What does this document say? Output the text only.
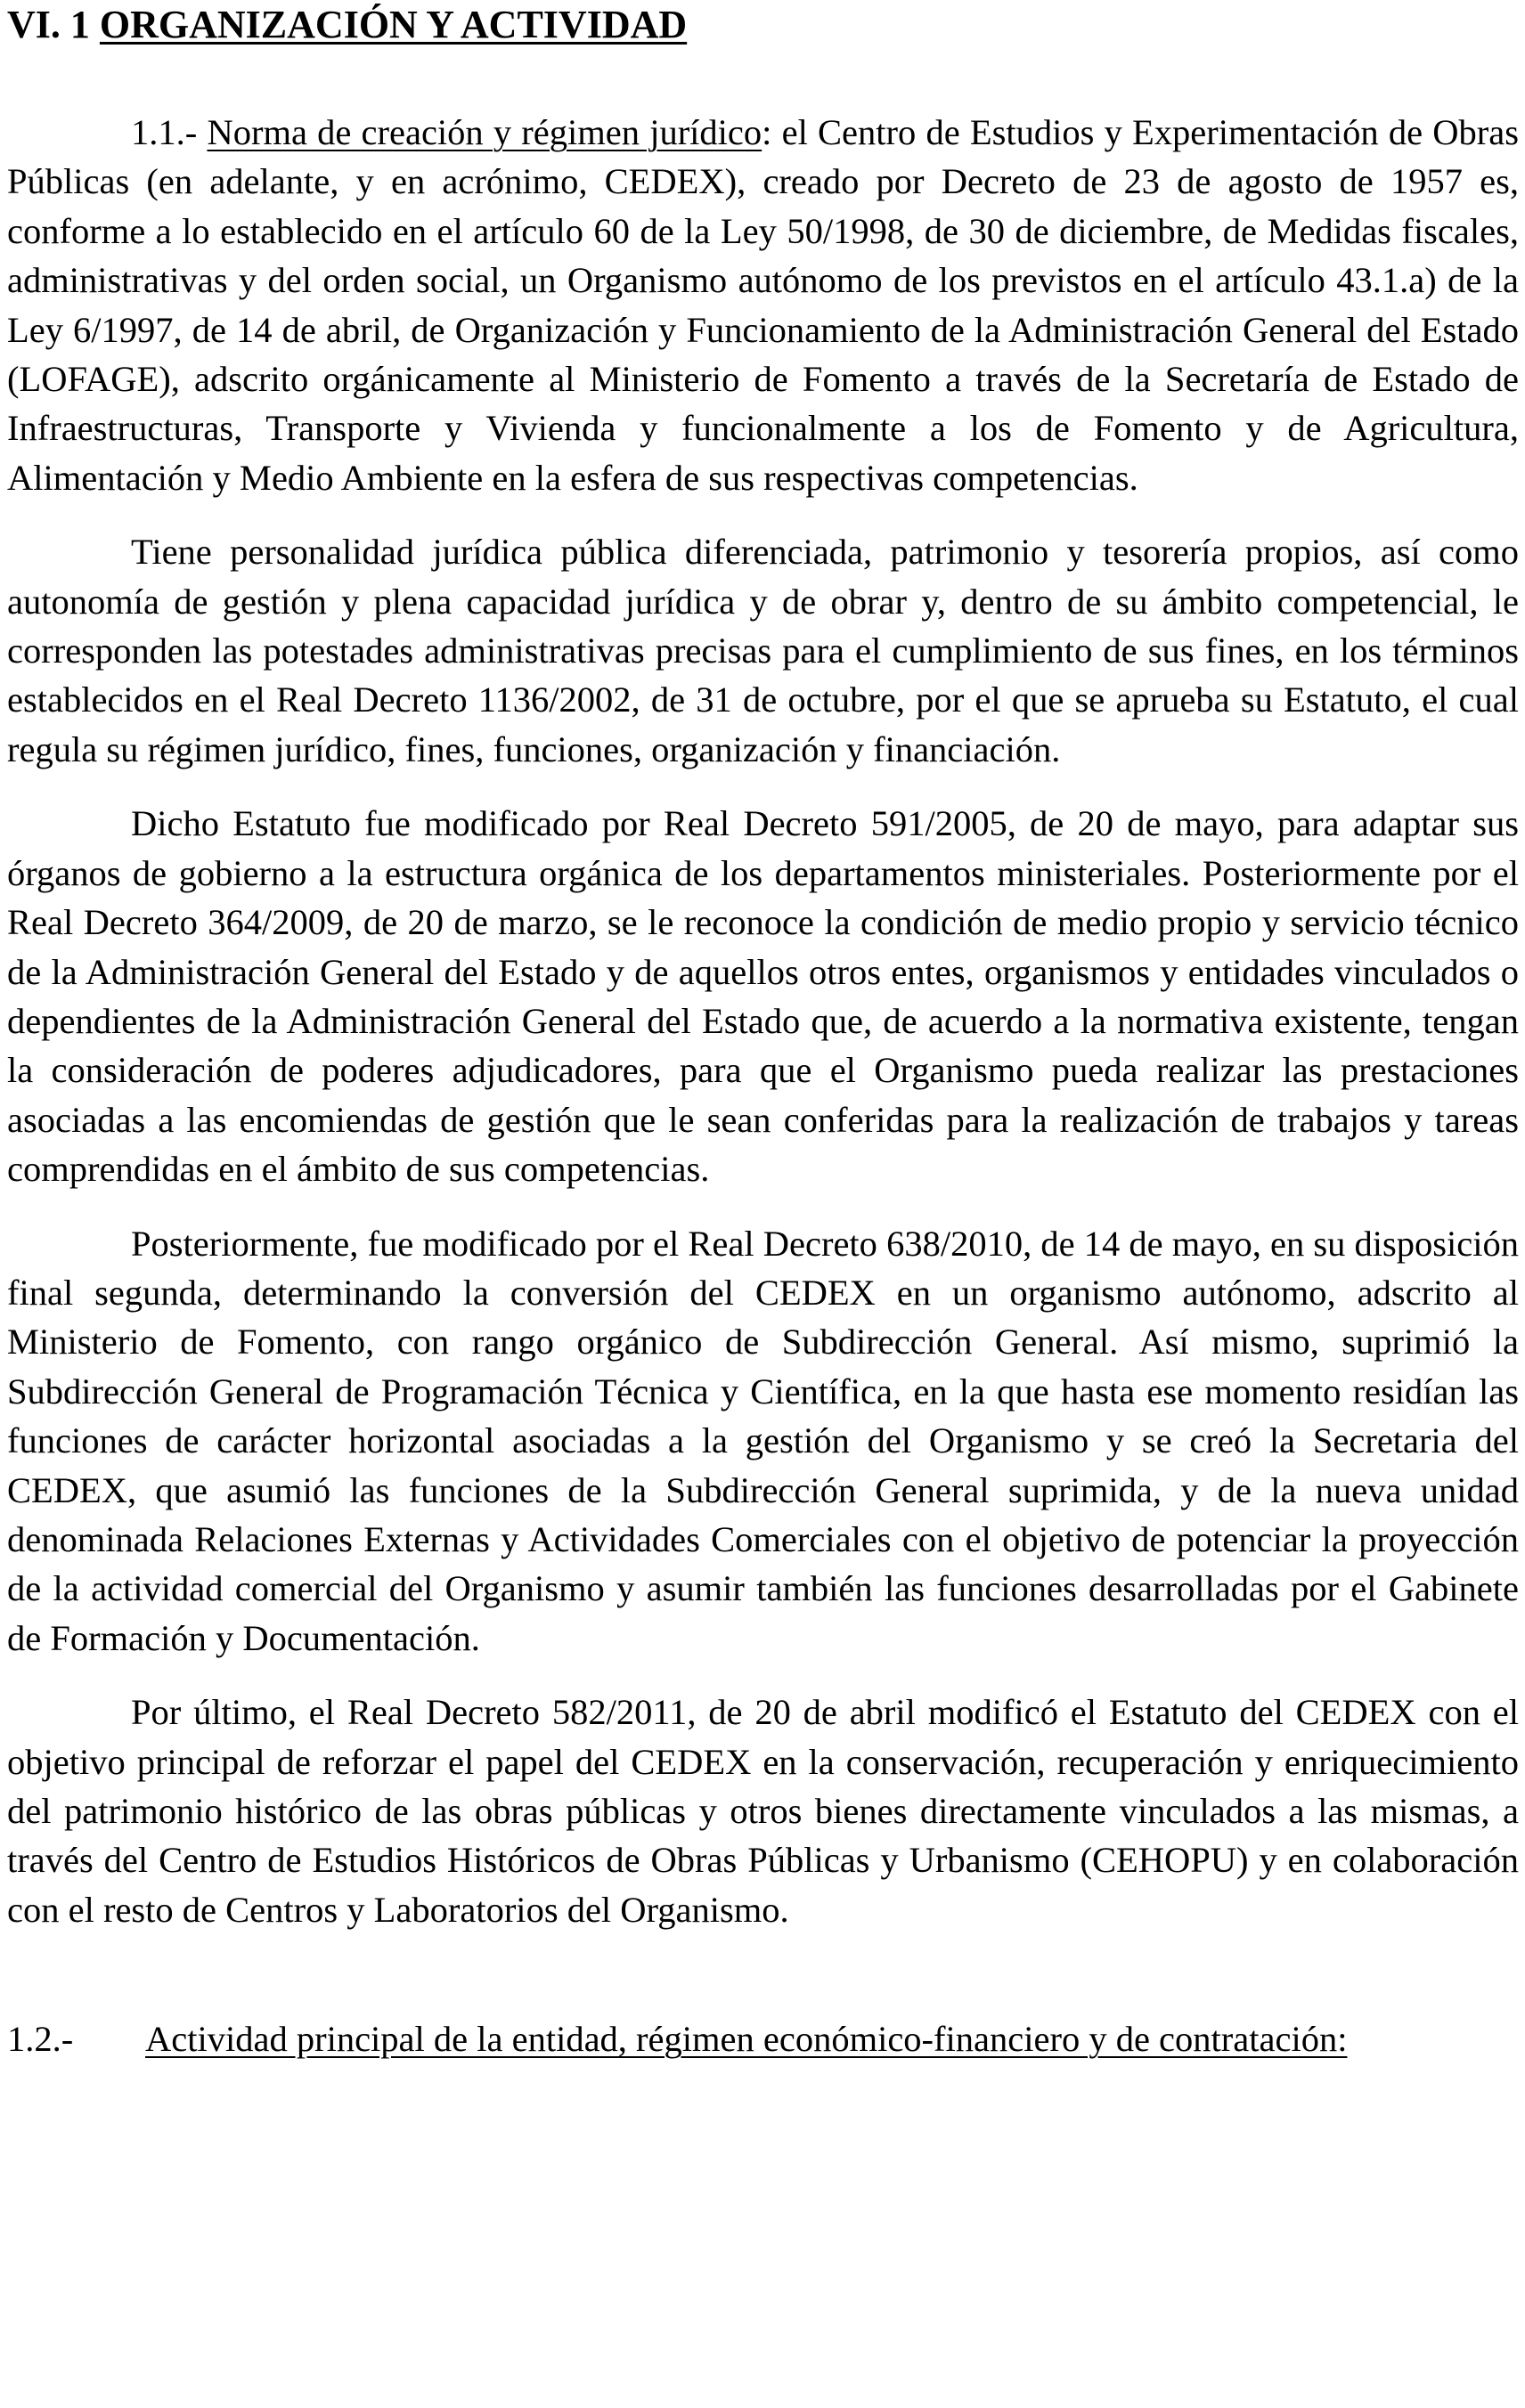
VI. 1 ORGANIZACIÓN Y ACTIVIDAD

1.1.- Norma de creación y régimen jurídico: el Centro de Estudios y Experimentación de Obras Públicas (en adelante, y en acrónimo, CEDEX), creado por Decreto de 23 de agosto de 1957 es, conforme a lo establecido en el artículo 60 de la Ley 50/1998, de 30 de diciembre, de Medidas fiscales, administrativas y del orden social, un Organismo autónomo de los previstos en el artículo 43.1.a) de la Ley 6/1997, de 14 de abril, de Organización y Funcionamiento de la Administración General del Estado (LOFAGE), adscrito orgánicamente al Ministerio de Fomento a través de la Secretaría de Estado de Infraestructuras, Transporte y Vivienda y funcionalmente a los de Fomento y de Agricultura, Alimentación y Medio Ambiente en la esfera de sus respectivas competencias.

Tiene personalidad jurídica pública diferenciada, patrimonio y tesorería propios, así como autonomía de gestión y plena capacidad jurídica y de obrar y, dentro de su ámbito competencial, le corresponden las potestades administrativas precisas para el cumplimiento de sus fines, en los términos establecidos en el Real Decreto 1136/2002, de 31 de octubre, por el que se aprueba su Estatuto, el cual regula su régimen jurídico, fines, funciones, organización y financiación.

Dicho Estatuto fue modificado por Real Decreto 591/2005, de 20 de mayo, para adaptar sus órganos de gobierno a la estructura orgánica de los departamentos ministeriales. Posteriormente por el Real Decreto 364/2009, de 20 de marzo, se le reconoce la condición de medio propio y servicio técnico de la Administración General del Estado y de aquellos otros entes, organismos y entidades vinculados o dependientes de la Administración General del Estado que, de acuerdo a la normativa existente, tengan la consideración de poderes adjudicadores, para que el Organismo pueda realizar las prestaciones asociadas a las encomiendas de gestión que le sean conferidas para la realización de trabajos y tareas comprendidas en el ámbito de sus competencias.

Posteriormente, fue modificado por el Real Decreto 638/2010, de 14 de mayo, en su disposición final segunda, determinando la conversión del CEDEX en un organismo autónomo, adscrito al Ministerio de Fomento, con rango orgánico de Subdirección General. Así mismo, suprimió la Subdirección General de Programación Técnica y Científica, en la que hasta ese momento residían las funciones de carácter horizontal asociadas a la gestión del Organismo y se creó la Secretaria del CEDEX, que asumió las funciones de la Subdirección General suprimida, y de la nueva unidad denominada Relaciones Externas y Actividades Comerciales con el objetivo de potenciar la proyección de la actividad comercial del Organismo y asumir también las funciones desarrolladas por el Gabinete de Formación y Documentación.

Por último, el Real Decreto 582/2011, de 20 de abril modificó el Estatuto del CEDEX con el objetivo principal de reforzar el papel del CEDEX en la conservación, recuperación y enriquecimiento del patrimonio histórico de las obras públicas y otros bienes directamente vinculados a las mismas, a través del Centro de Estudios Históricos de Obras Públicas y Urbanismo (CEHOPU) y en colaboración con el resto de Centros y Laboratorios del Organismo.

1.2.-	Actividad principal de la entidad, régimen económico-financiero y de contratación:
